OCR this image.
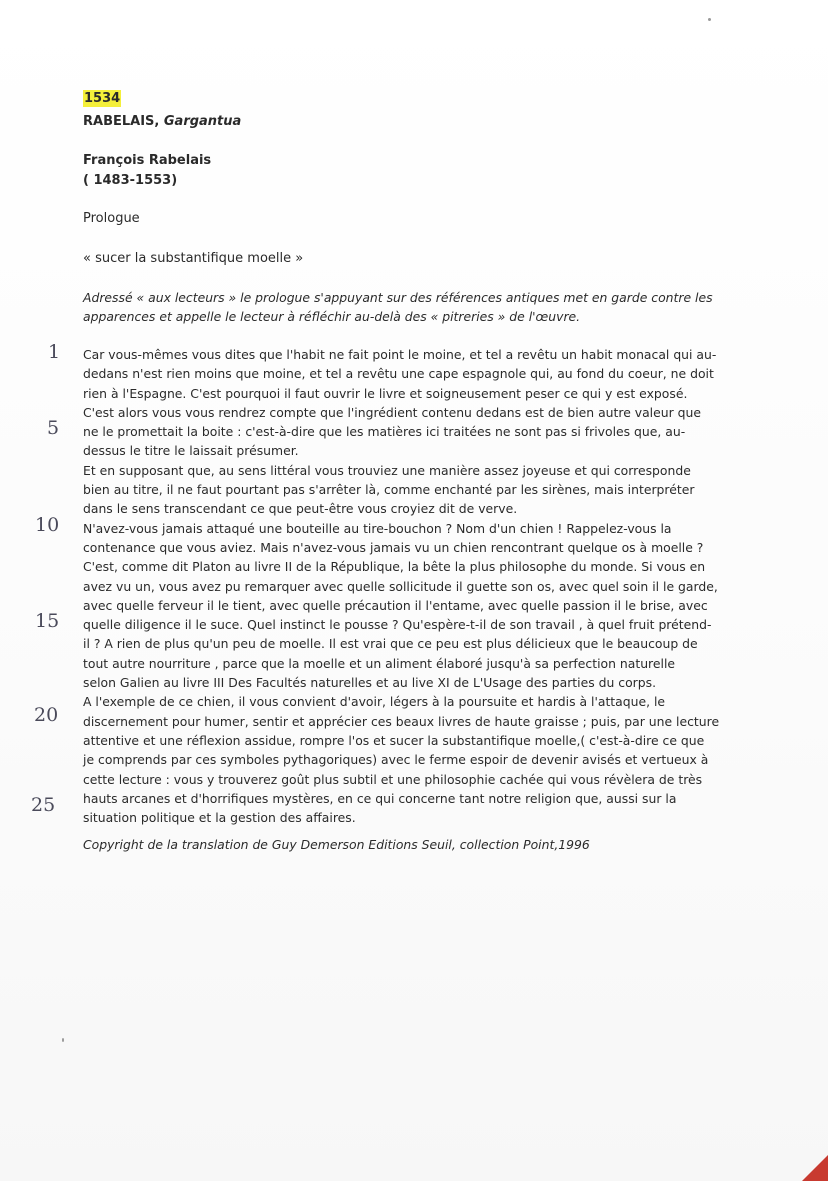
1534
RABELAIS, Gargantua
François Rabelais
( 1483-1553)
Prologue
« sucer la substantifique moelle »
Adressé « aux lecteurs » le prologue s'appuyant sur des références antiques met en garde contre les
apparences et appelle le lecteur à réfléchir au-delà des « pitreries » de l'œuvre.
Car vous-mêmes vous dites que l'habit ne fait point le moine, et tel a revêtu un habit monacal qui au-
dedans n'est rien moins que moine, et tel a revêtu une cape espagnole qui, au fond du coeur, ne doit
rien à l'Espagne. C'est pourquoi il faut ouvrir le livre et soigneusement peser ce qui y est exposé.
C'est alors vous vous rendrez compte que l'ingrédient contenu dedans est de bien autre valeur que
ne le promettait la boite : c'est-à-dire que les matières ici traitées ne sont pas si frivoles que, au-
dessus le titre le laissait présumer.
Et en supposant que, au sens littéral vous trouviez une manière assez joyeuse et qui corresponde
bien au titre, il ne faut pourtant pas s'arrêter là, comme enchanté par les sirènes, mais interpréter
dans le sens transcendant ce que peut-être vous croyiez dit de verve.
N'avez-vous jamais attaqué une bouteille au tire-bouchon ? Nom d'un chien ! Rappelez-vous la
contenance que vous aviez. Mais n'avez-vous jamais vu un chien rencontrant quelque os à moelle ?
C'est, comme dit Platon au livre II de la République, la bête la plus philosophe du monde. Si vous en
avez vu un, vous avez pu remarquer avec quelle sollicitude il guette son os, avec quel soin il le garde,
avec quelle ferveur il le tient, avec quelle précaution il l'entame, avec quelle passion il le brise, avec
quelle diligence il le suce. Quel instinct le pousse ? Qu'espère-t-il de son travail , à quel fruit prétend-
il ? A rien de plus qu'un peu de moelle. Il est vrai que ce peu est plus délicieux que le beaucoup de
tout autre nourriture , parce que la moelle et un aliment élaboré jusqu'à sa perfection naturelle
selon Galien au livre III Des Facultés naturelles et au live XI de L'Usage des parties du corps.
A l'exemple de ce chien, il vous convient d'avoir, légers à la poursuite et hardis à l'attaque, le
discernement pour humer, sentir et apprécier ces beaux livres de haute graisse ; puis, par une lecture
attentive et une réflexion assidue, rompre l'os et sucer la substantifique moelle,( c'est-à-dire ce que
je comprends par ces symboles pythagoriques) avec le ferme espoir de devenir avisés et vertueux à
cette lecture : vous y trouverez goût plus subtil et une philosophie cachée qui vous révèlera de très
hauts arcanes et d'horrifiques mystères, en ce qui concerne tant notre religion que, aussi sur la
situation politique et la gestion des affaires.
1
5
10
15
20
25
Copyright de la translation de Guy Demerson Editions Seuil, collection Point,1996
